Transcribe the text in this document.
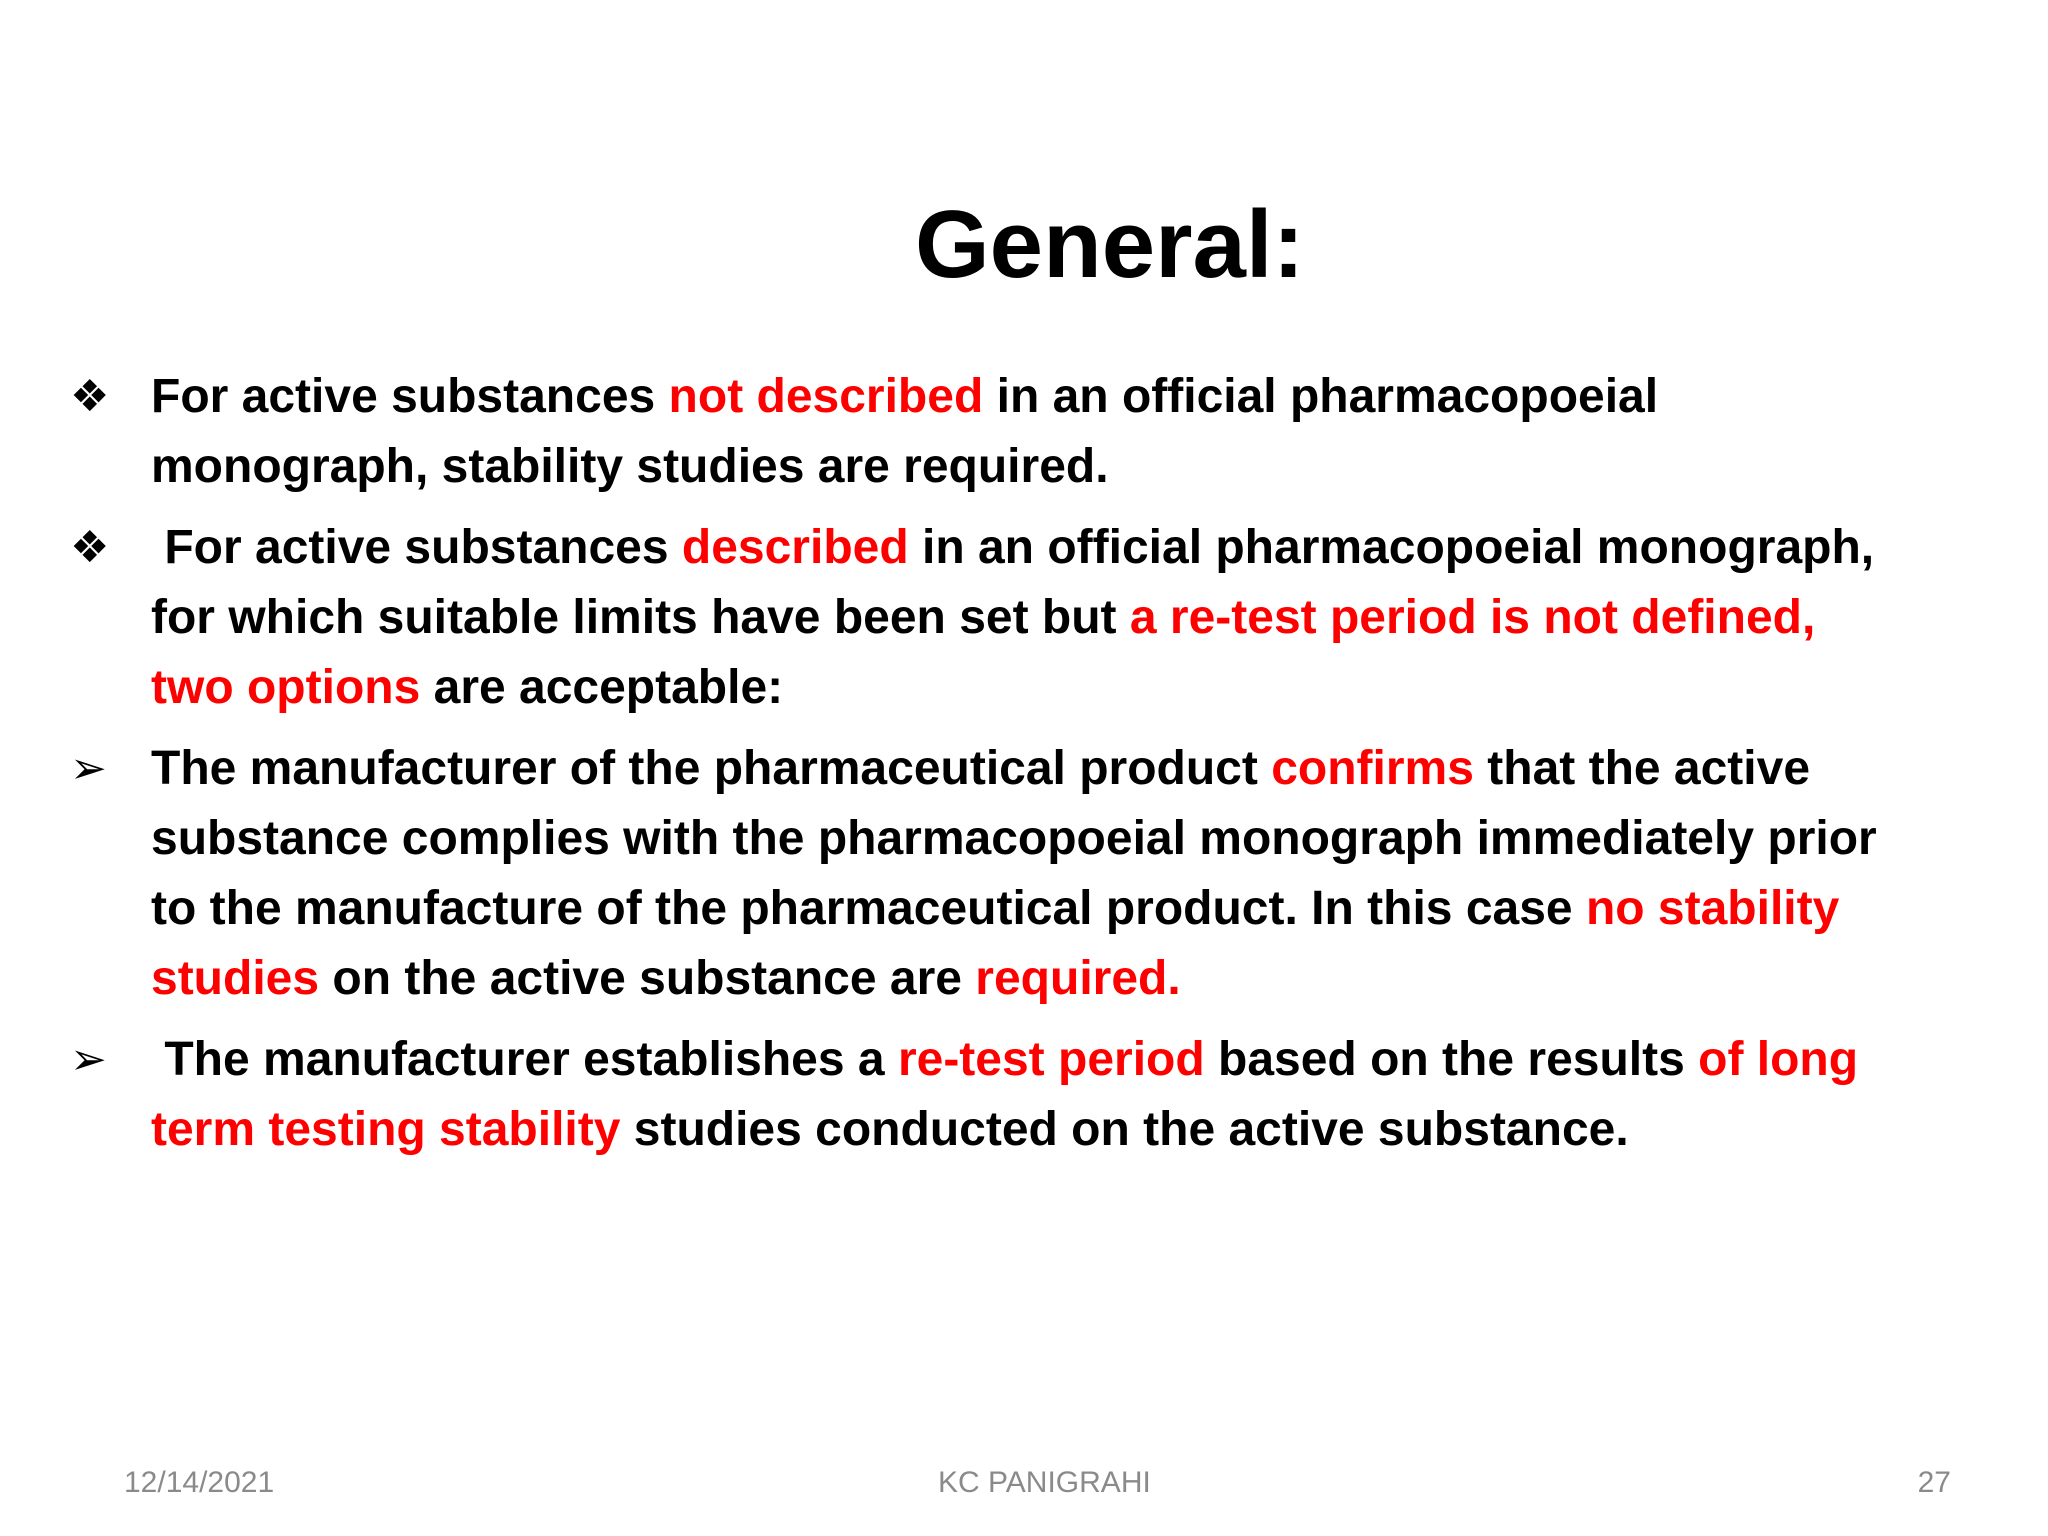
General:
❖ For active substances not described in an official pharmacopoeial
monograph, stability studies are required.
❖ For active substances described in an official pharmacopoeial monograph,
for which suitable limits have been set but a re-test period is not defined,
two options are acceptable:
➢ The manufacturer of the pharmaceutical product confirms that the active
substance complies with the pharmacopoeial monograph immediately prior
to the manufacture of the pharmaceutical product. In this case no stability
studies on the active substance are required.
➢ The manufacturer establishes a re-test period based on the results of long
term testing stability studies conducted on the active substance.
12/14/2021	KC PANIGRAHI	27
